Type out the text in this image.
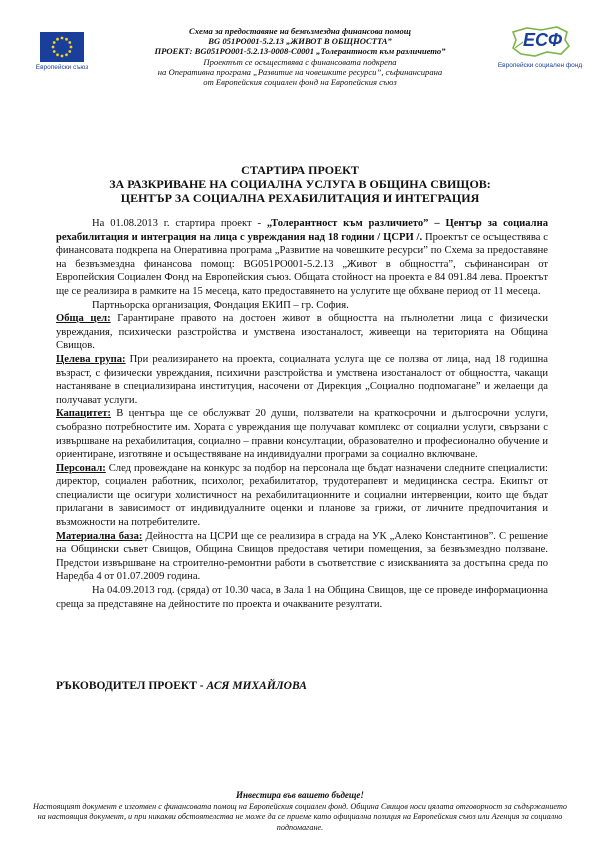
Европейски съюз
Схема за предоставяне на безвъзмездна финансова помощ
BG 051PO001-5.2.13 „ЖИВОТ В ОБЩНОСТТА”
ПРОЕКТ: BG051PO001-5.2.13-0008-C0001 „Толерантност към различието”
Проектът се осъществява с финансовата подкрепа
на Оперативна програма „Развитие на човешките ресурси”, съфинансирана
от Европейския социален фонд на Европейския съюз
ЕСФ
Европейски социален фонд
СТАРТИРА ПРОЕКТ
ЗА РАЗКРИВАНЕ НА СОЦИАЛНА УСЛУГА В ОБЩИНА СВИЩОВ:
ЦЕНТЪР ЗА СОЦИАЛНА РЕХАБИЛИТАЦИЯ И ИНТЕГРАЦИЯ

На 01.08.2013 г. стартира проект - „Толерантност към различието” – Център за социална рехабилитация и интеграция на лица с увреждания над 18 години / ЦСРИ /. Проектът се осъществява с финансовата подкрепа на Оперативна програма „Развитие на човешките ресурси” по Схема за предоставяне на безвъзмездна финансова помощ: BG051PO001-5.2.13 „Живот в общността”, съфинансиран от Европейския Социален Фонд на Европейския съюз. Общата стойност на проекта е 84 091.84 лева. Проектът ще се реализира в рамките на 15 месеца, като предоставянето на услугите ще обхване период от 11 месеца.

Партньорска организация, Фондация ЕКИП – гр. София.

Обща цел: Гарантиране правото на достоен живот в общността на пълнолетни лица с физически увреждания, психически разстройства и умствена изостаналост, живеещи на територията на Община Свищов.

Целева група: При реализирането на проекта, социалната услуга ще се ползва от лица, над 18 годишна възраст, с физически увреждания, психични разстройства и умствена изостаналост от общността, чакащи настаняване в специализирана институция, насочени от Дирекция „Социално подпомагане” и желаещи да получават услуги.

Капацитет: В центъра ще се обслужват 20 души, ползватели на краткосрочни и дългосрочни услуги, съобразно потребностите им. Хората с увреждания ще получават комплекс от социални услуги, свързани с извършване на рехабилитация, социално – правни консултации, образователно и професионално обучение и ориентиране, изготвяне и осъществяване на индивидуални програми за социално включване.

Персонал: След провеждане на конкурс за подбор на персонала ще бъдат назначени следните специалисти: директор, социален работник, психолог, рехабилитатор, трудотерапевт и медицинска сестра. Екипът от специалисти ще осигури холистичност на рехабилитационните и социални интервенции, които ще бъдат прилагани в зависимост от индивидуалните оценки и планове за грижи, от личните предпочитания и възможности на потребителите.

Материална база: Дейността на ЦСРИ ще се реализира в сграда на УК „Алеко Константинов”. С решение на Общински съвет Свищов, Община Свищов предоставя четири помещения, за безвъзмездно ползване. Предстои извършване на строително-ремонтни работи в съответствие с изискванията за достъпна среда по Наредба 4 от 01.07.2009 година.

На 04.09.2013 год. (сряда) от 10.30 часа, в Зала 1 на Община Свищов, ще се проведе информационна среща за представяне на дейностите по проекта и очакваните резултати.

РЪКОВОДИТЕЛ ПРОЕКТ - АСЯ МИХАЙЛОВА
Инвестира във вашето бъдеще!
Настоящият документ е изготвен с финансовата помощ на Европейския социален фонд. Община Свищов носи цялата отговорност за съдържанието на настоящия документ, и при никакви обстоятелства не може да се приеме като официална позиция на Европейския съюз или Агенция за социално подпомагане.
